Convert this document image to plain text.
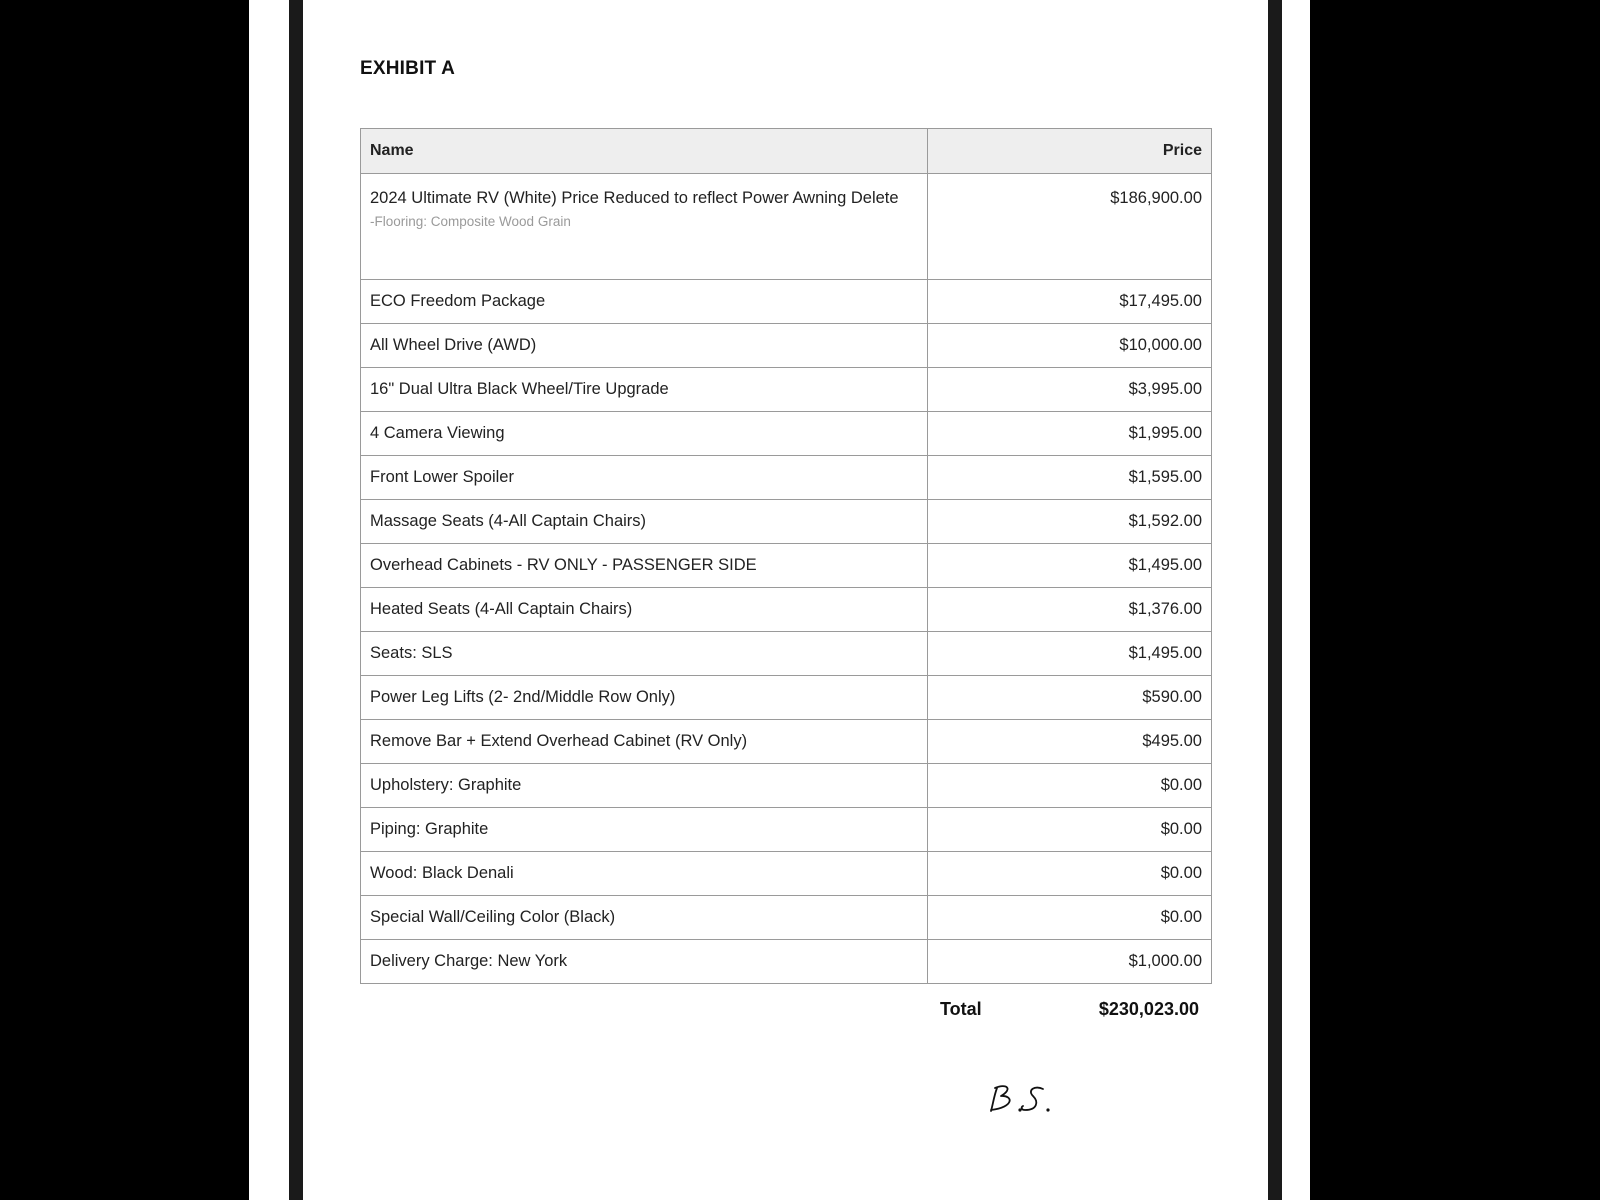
EXHIBIT A
Name	Price
2024 Ultimate RV (White) Price Reduced to reflect Power Awning Delete
-Flooring: Composite Wood Grain	$186,900.00
ECO Freedom Package	$17,495.00
All Wheel Drive (AWD)	$10,000.00
16" Dual Ultra Black Wheel/Tire Upgrade	$3,995.00
4 Camera Viewing	$1,995.00
Front Lower Spoiler	$1,595.00
Massage Seats (4-All Captain Chairs)	$1,592.00
Overhead Cabinets - RV ONLY - PASSENGER SIDE	$1,495.00
Heated Seats (4-All Captain Chairs)	$1,376.00
Seats: SLS	$1,495.00
Power Leg Lifts (2- 2nd/Middle Row Only)	$590.00
Remove Bar + Extend Overhead Cabinet (RV Only)	$495.00
Upholstery: Graphite	$0.00
Piping: Graphite	$0.00
Wood: Black Denali	$0.00
Special Wall/Ceiling Color (Black)	$0.00
Delivery Charge: New York	$1,000.00
Total	$230,023.00
